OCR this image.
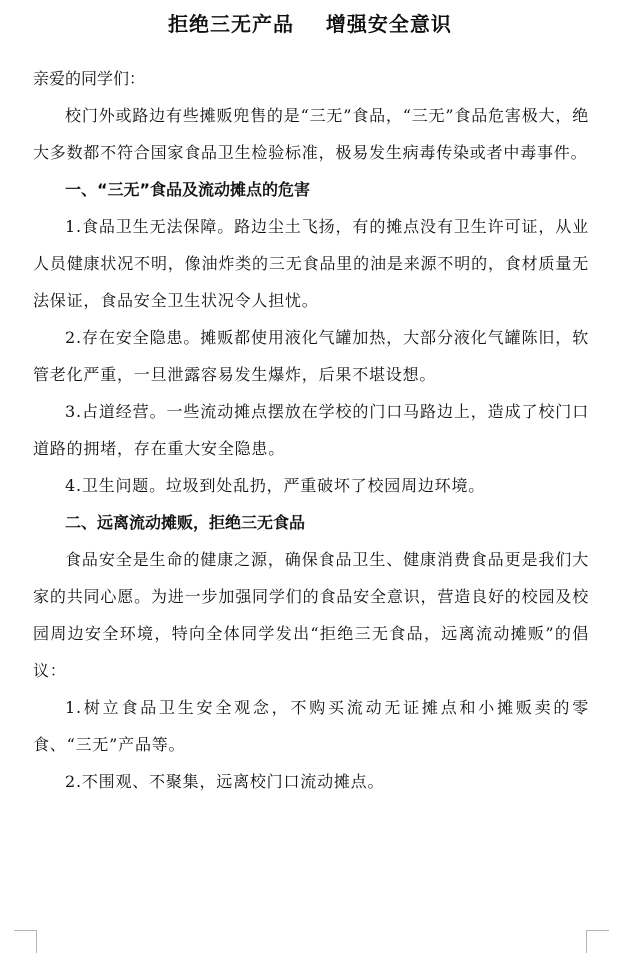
拒绝三无产品    增强安全意识

亲爱的同学们：

校门外或路边有些摊贩兜售的是“三无”食品，“三无”食品危害极大，绝大多数都不符合国家食品卫生检验标准，极易发生病毒传染或者中毒事件。

一、“三无”食品及流动摊点的危害

1.食品卫生无法保障。路边尘土飞扬，有的摊点没有卫生许可证，从业人员健康状况不明，像油炸类的三无食品里的油是来源不明的，食材质量无法保证，食品安全卫生状况令人担忧。

2.存在安全隐患。摊贩都使用液化气罐加热，大部分液化气罐陈旧，软管老化严重，一旦泄露容易发生爆炸，后果不堪设想。

3.占道经营。一些流动摊点摆放在学校的门口马路边上，造成了校门口道路的拥堵，存在重大安全隐患。

4.卫生问题。垃圾到处乱扔，严重破坏了校园周边环境。

二、远离流动摊贩，拒绝三无食品

食品安全是生命的健康之源，确保食品卫生、健康消费食品更是我们大家的共同心愿。为进一步加强同学们的食品安全意识，营造良好的校园及校园周边安全环境，特向全体同学发出“拒绝三无食品，远离流动摊贩”的倡议：

1.树立食品卫生安全观念，不购买流动无证摊点和小摊贩卖的零食、“三无”产品等。

2.不围观、不聚集，远离校门口流动摊点。
